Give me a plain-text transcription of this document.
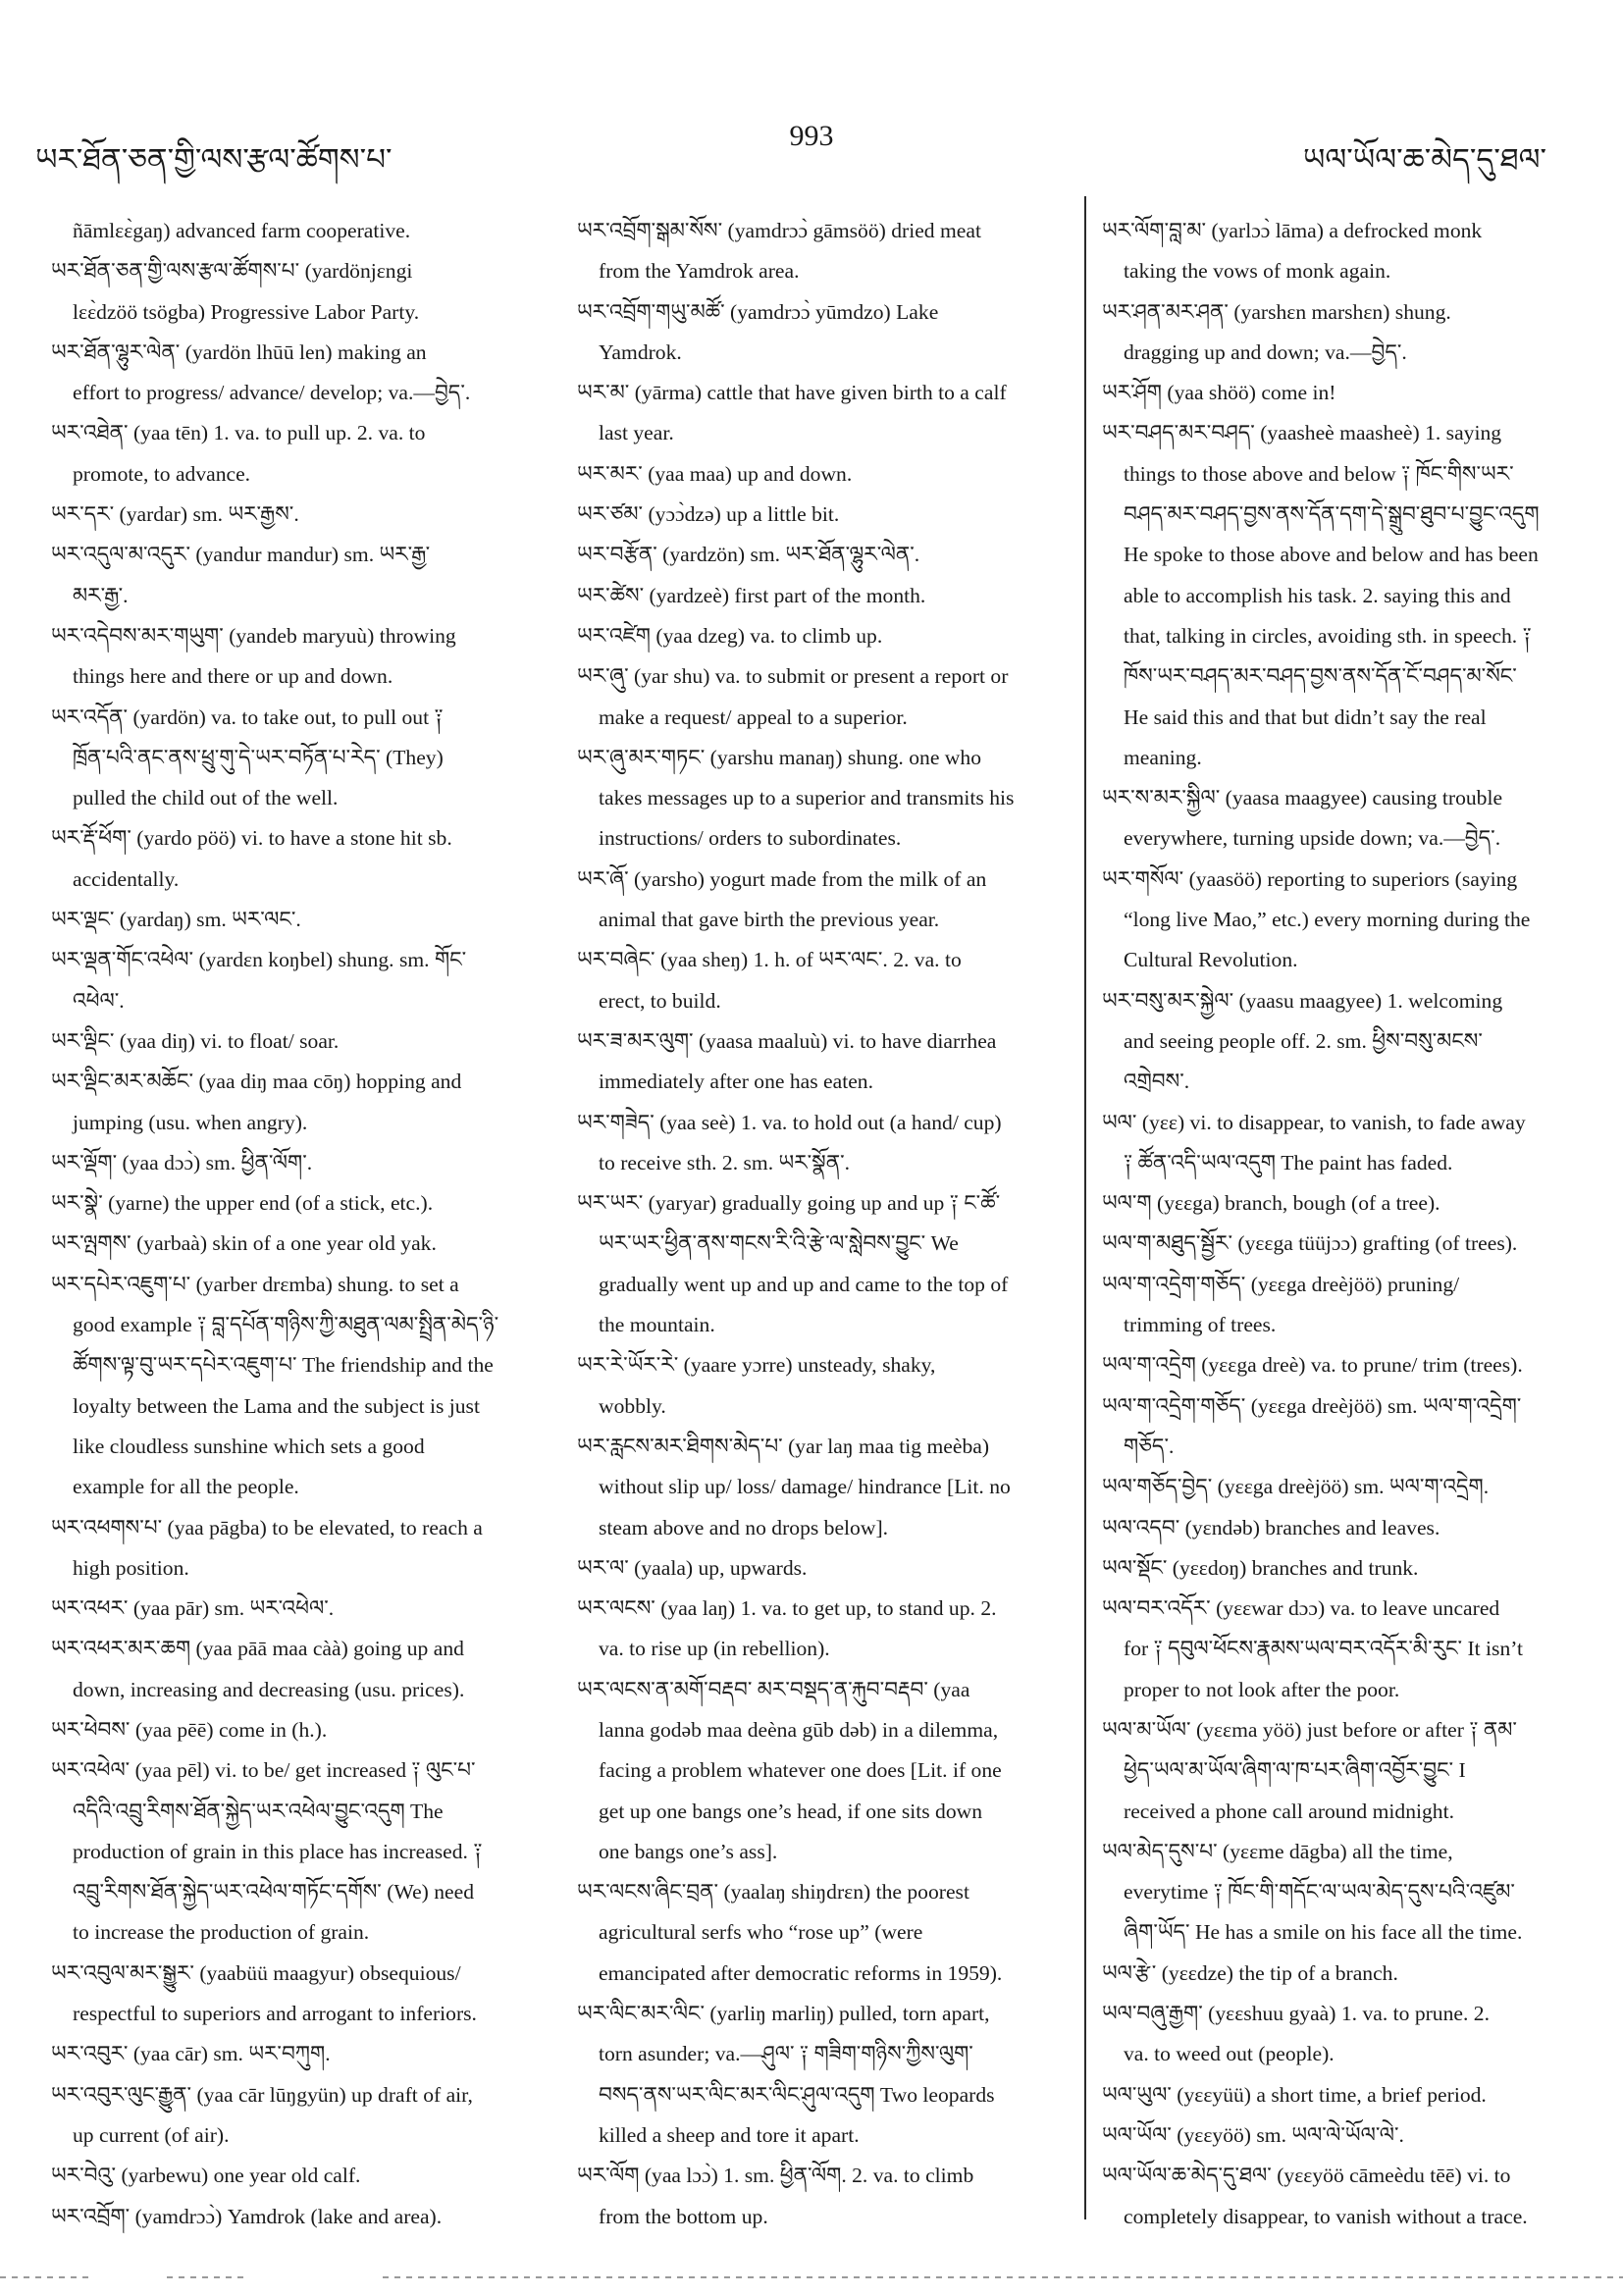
ཡར་ཐོན་ཅན་གྱི་ལས་རྩལ་ཚོགས་པ་
993
ཡལ་ཡོལ་ཆ་མེད་དུ་ཐལ་
ñāmlɛɛ̀gaŋ) advanced farm cooperative.
ཡར་ཐོན་ཅན་གྱི་ལས་རྩལ་ཚོགས་པ་ (yardönjɛngi
lɛɛ̀dzöö tsögba) Progressive Labor Party.
ཡར་ཐོན་ལྷུར་ལེན་ (yardön lhūū len) making an
effort to progress/ advance/ develop; va.—བྱེད་.
ཡར་འཐེན་ (yaa tēn) 1. va. to pull up. 2. va. to
promote, to advance.
ཡར་དར་ (yardar) sm. ཡར་རྒྱས་.
ཡར་འདུལ་མ་འདུར་ (yandur mandur) sm. ཡར་རྒྱ་
མར་རྒྱ་.
ཡར་འདེབས་མར་གཡུག་ (yandeb maryuù) throwing
things here and there or up and down.
ཡར་འདོན་ (yardön) va. to take out, to pull out ༑
ཁྲོན་པའི་ནང་ནས་ཕྲུ་གུ་དེ་ཡར་བཏོན་པ་རེད་ (They)
pulled the child out of the well.
ཡར་རྡོ་ཕོག་ (yardo pöö) vi. to have a stone hit sb.
accidentally.
ཡར་ལྡང་ (yardaŋ) sm. ཡར་ལང་.
ཡར་ལྡན་གོང་འཕེལ་ (yardɛn koŋbel) shung. sm. གོང་
འཕེལ་.
ཡར་ལྡིང་ (yaa diŋ) vi. to float/ soar.
ཡར་ལྡིང་མར་མཆོང་ (yaa diŋ maa cōŋ) hopping and
jumping (usu. when angry).
ཡར་ལྡོག་ (yaa dɔɔ̀) sm. ཕྱིན་ལོག་.
ཡར་སྣེ་ (yarne) the upper end (of a stick, etc.).
ཡར་ལྤགས་ (yarbaà) skin of a one year old yak.
ཡར་དཔེར་འཇུག་པ་ (yarber drɛmba) shung. to set a
good example ༑ བླ་དཔོན་གཉིས་ཀྱི་མཐུན་ལམ་སྤྲིན་མེད་ཉི་
ཚོགས་ལྟ་བུ་ཡར་དཔེར་འཇུག་པ་ The friendship and the
loyalty between the Lama and the subject is just
like cloudless sunshine which sets a good
example for all the people.
ཡར་འཕགས་པ་ (yaa pāgba) to be elevated, to reach a
high position.
ཡར་འཕར་ (yaa pār) sm. ཡར་འཕེལ་.
ཡར་འཕར་མར་ཆག (yaa pāā maa càà) going up and
down, increasing and decreasing (usu. prices).
ཡར་ཕེབས་ (yaa pēē) come in (h.).
ཡར་འཕེལ་ (yaa pēl) vi. to be/ get increased ༑ ལུང་པ་
འདིའི་འབྲུ་རིགས་ཐོན་སྐྱེད་ཡར་འཕེལ་བྱུང་འདུག The
production of grain in this place has increased. ༑
འབྲུ་རིགས་ཐོན་སྐྱེད་ཡར་འཕེལ་གཏོང་དགོས་ (We) need
to increase the production of grain.
ཡར་འབུལ་མར་སྒྱུར་ (yaabüü maagyur) obsequious/
respectful to superiors and arrogant to inferiors.
ཡར་འབུར་ (yaa cār) sm. ཡར་བཀུག.
ཡར་འབུར་ལུང་རྒྱུན་ (yaa cār lūŋgyün) up draft of air,
up current (of air).
ཡར་བེའུ་ (yarbewu) one year old calf.
ཡར་འབྲོག་ (yamdrɔɔ̀) Yamdrok (lake and area).
ཡར་འབྲོག་སྒམ་སོས་ (yamdrɔɔ̀ gāmsöö) dried meat
from the Yamdrok area.
ཡར་འབྲོག་གཡུ་མཚོ་ (yamdrɔɔ̀ yūmdzo) Lake
Yamdrok.
ཡར་མ་ (yārma) cattle that have given birth to a calf
last year.
ཡར་མར་ (yaa maa) up and down.
ཡར་ཙམ་ (yɔɔ̀dzə) up a little bit.
ཡར་བརྩོན་ (yardzön) sm. ཡར་ཐོན་ལྷུར་ལེན་.
ཡར་ཚེས་ (yardzeè) first part of the month.
ཡར་འཛེག (yaa dzeg) va. to climb up.
ཡར་ཞུ་ (yar shu) va. to submit or present a report or
make a request/ appeal to a superior.
ཡར་ཞུ་མར་གཏང་ (yarshu manaŋ) shung. one who
takes messages up to a superior and transmits his
instructions/ orders to subordinates.
ཡར་ཞོ་ (yarsho) yogurt made from the milk of an
animal that gave birth the previous year.
ཡར་བཞེང་ (yaa sheŋ) 1. h. of ཡར་ལང་. 2. va. to
erect, to build.
ཡར་ཟ་མར་ལུག་ (yaasa maaluù) vi. to have diarrhea
immediately after one has eaten.
ཡར་གཟེད་ (yaa seè) 1. va. to hold out (a hand/ cup)
to receive sth. 2. sm. ཡར་སྣོན་.
ཡར་ཡར་ (yaryar) gradually going up and up ༑ ང་ཚོ་
ཡར་ཡར་ཕྱིན་ནས་གངས་རི་འི་རྩེ་ལ་སླེབས་བྱུང་ We
gradually went up and up and came to the top of
the mountain.
ཡར་རེ་ཡོར་རེ་ (yaare yɔrre) unsteady, shaky,
wobbly.
ཡར་རླངས་མར་ཐིགས་མེད་པ་ (yar laŋ maa tig meèba)
without slip up/ loss/ damage/ hindrance [Lit. no
steam above and no drops below].
ཡར་ལ་ (yaala) up, upwards.
ཡར་ལངས་ (yaa laŋ) 1. va. to get up, to stand up. 2.
va. to rise up (in rebellion).
ཡར་ལངས་ན་མགོ་བརྡབ་ མར་བསྡད་ན་རྐུབ་བརྡབ་ (yaa
lanna godəb maa deèna gūb dəb) in a dilemma,
facing a problem whatever one does [Lit. if one
get up one bangs one’s head, if one sits down
one bangs one’s ass].
ཡར་ལངས་ཞིང་བྲན་ (yaalaŋ shiŋdrɛn) the poorest
agricultural serfs who “rose up” (were
emancipated after democratic reforms in 1959).
ཡར་ལིང་མར་ལིང་ (yarliŋ marliŋ) pulled, torn apart,
torn asunder; va.—ཤུལ་ ༑ གཟིག་གཉིས་ཀྱིས་ལུག་
བསད་ནས་ཡར་ལིང་མར་ལིང་ཤུལ་འདུག Two leopards
killed a sheep and tore it apart.
ཡར་ལོག (yaa lɔɔ̀) 1. sm. ཕྱིན་ལོག. 2. va. to climb
from the bottom up.
ཡར་ལོག་བླ་མ་ (yarlɔɔ̀ lāma) a defrocked monk
taking the vows of monk again.
ཡར་ཤན་མར་ཤན་ (yarshɛn marshɛn) shung.
dragging up and down; va.—བྱེད་.
ཡར་ཤོག (yaa shöö) come in!
ཡར་བཤད་མར་བཤད་ (yaasheè maasheè) 1. saying
things to those above and below ༑ ཁོང་གིས་ཡར་
བཤད་མར་བཤད་བྱས་ནས་དོན་དག་དེ་སྒྲུབ་ཐུབ་པ་བྱུང་འདུག
He spoke to those above and below and has been
able to accomplish his task. 2. saying this and
that, talking in circles, avoiding sth. in speech. ༑
ཁོས་ཡར་བཤད་མར་བཤད་བྱས་ནས་དོན་ངོ་བཤད་མ་སོང་
He said this and that but didn’t say the real
meaning.
ཡར་ས་མར་སྐྱིལ་ (yaasa maagyee) causing trouble
everywhere, turning upside down; va.—བྱེད་.
ཡར་གསོལ་ (yaasöö) reporting to superiors (saying
“long live Mao,” etc.) every morning during the
Cultural Revolution.
ཡར་བསུ་མར་སྐྱེལ་ (yaasu maagyee) 1. welcoming
and seeing people off. 2. sm. ཕྱིས་བསུ་མངས་
འགྲེབས་.
ཡལ་ (yɛɛ) vi. to disappear, to vanish, to fade away
༑ ཚོན་འདི་ཡལ་འདུག The paint has faded.
ཡལ་ག (yɛɛga) branch, bough (of a tree).
ཡལ་ག་མཐུད་སྦྱོར་ (yɛɛga tüüjɔɔ) grafting (of trees).
ཡལ་ག་འདྲེག་གཅོད་ (yɛɛga dreèjöö) pruning/
trimming of trees.
ཡལ་ག་འདྲེག (yɛɛga dreè) va. to prune/ trim (trees).
ཡལ་ག་འདྲེག་གཅོད་ (yɛɛga dreèjöö) sm. ཡལ་ག་འདྲེག་
གཅོད་.
ཡལ་གཅོད་བྱེད་ (yɛɛga dreèjöö) sm. ཡལ་ག་འདྲེག.
ཡལ་འདབ་ (yɛndəb) branches and leaves.
ཡལ་སྡོང་ (yɛɛdoŋ) branches and trunk.
ཡལ་བར་འདོར་ (yɛɛwar dɔɔ) va. to leave uncared
for ༑ དབུལ་ཕོངས་རྣམས་ཡལ་བར་འདོར་མི་རུང་ It isn’t
proper to not look after the poor.
ཡལ་མ་ཡོལ་ (yɛɛma yöö) just before or after ༑ ནམ་
ཕྱེད་ཡལ་མ་ཡོལ་ཞིག་ལ་ཁ་པར་ཞིག་འབྱོར་བྱུང་ I
received a phone call around midnight.
ཡལ་མེད་དུས་པ་ (yɛɛme dāgba) all the time,
everytime ༑ ཁོང་གི་གདོང་ལ་ཡལ་མེད་དུས་པའི་འཛུམ་
ཞིག་ཡོད་ He has a smile on his face all the time.
ཡལ་རྩེ་ (yɛɛdze) the tip of a branch.
ཡལ་བཞུ་རྒྱག་ (yɛɛshuu gyaà) 1. va. to prune. 2.
va. to weed out (people).
ཡལ་ཡུལ་ (yɛɛyüü) a short time, a brief period.
ཡལ་ཡོལ་ (yɛɛyöö) sm. ཡལ་ལེ་ཡོལ་ལེ་.
ཡལ་ཡོལ་ཆ་མེད་དུ་ཐལ་ (yɛɛyöö cāmeèdu tēē) vi. to
completely disappear, to vanish without a trace.
